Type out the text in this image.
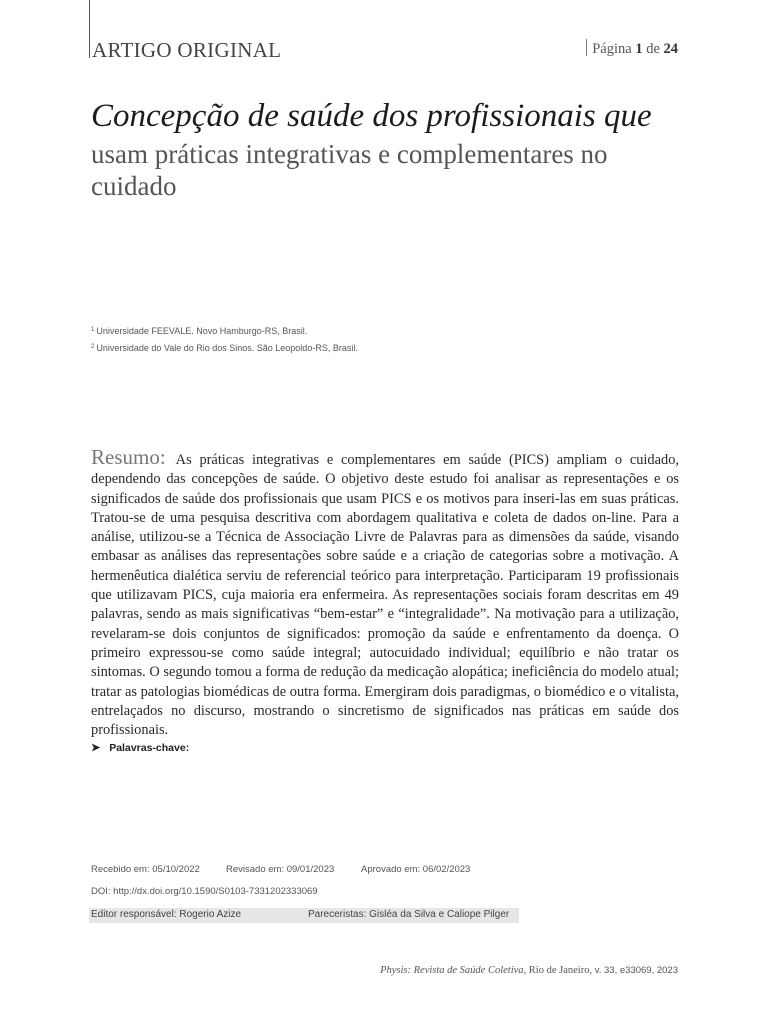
ARTIGO ORIGINAL	Página 1 de 24
Concepção de saúde dos profissionais que
usam práticas integrativas e complementares no cuidado
$^1$ Universidade FEEVALE. Novo Hamburgo-RS, Brasil.
$^2$ Universidade do Vale do Rio dos Sinos. São Leopoldo-RS, Brasil.
Resumo: As práticas integrativas e complementares em saúde (PICS) ampliam o cuidado, dependendo das concepções de saúde. O objetivo deste estudo foi analisar as representações e os significados de saúde dos profissionais que usam PICS e os motivos para inseri-las em suas práticas. Tratou-se de uma pesquisa descritiva com abordagem qualitativa e coleta de dados on-line. Para a análise, utilizou-se a Técnica de Associação Livre de Palavras para as dimensões da saúde, visando embasar as análises das representações sobre saúde e a criação de categorias sobre a motivação. A hermenêutica dialética serviu de referencial teórico para interpretação. Participaram 19 profissionais que utilizavam PICS, cuja maioria era enfermeira. As representações sociais foram descritas em 49 palavras, sendo as mais significativas “bem-estar” e “integralidade”. Na motivação para a utilização, revelaram-se dois conjuntos de significados: promoção da saúde e enfrentamento da doença. O primeiro expressou-se como saúde integral; autocuidado individual; equilíbrio e não tratar os sintomas. O segundo tomou a forma de redução da medicação alopática; ineficiência do modelo atual; tratar as patologias biomédicas de outra forma. Emergiram dois paradigmas, o biomédico e o vitalista, entrelaçados no discurso, mostrando o sincretismo de significados nas práticas em saúde dos profissionais.
➤ Palavras-chave:
Recebido em: 05/10/2022	Revisado em: 09/01/2023	Aprovado em: 06/02/2023
DOI: http://dx.doi.org/10.1590/S0103-7331202333069
Editor responsável: Rogerio Azize	Pareceristas: Gisléa da Silva e Caliope Pilger
Physis: Revista de Saúde Coletiva, Rio de Janeiro, v. 33, e33069, 2023
